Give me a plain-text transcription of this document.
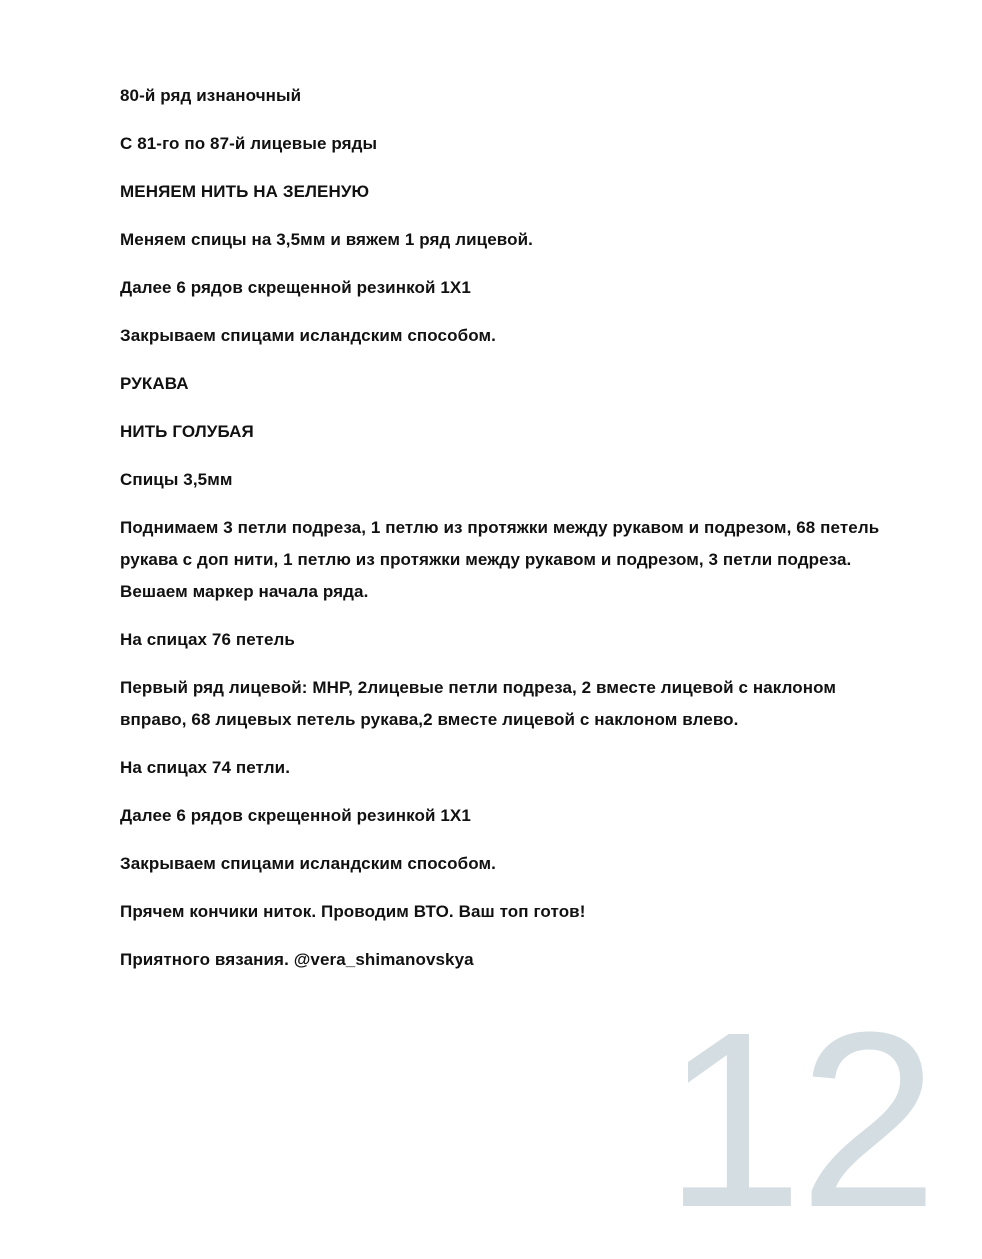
80-й ряд изнаночный

С 81-го по 87-й лицевые ряды

МЕНЯЕМ НИТЬ НА ЗЕЛЕНУЮ

Меняем спицы на 3,5мм и вяжем 1 ряд лицевой.

Далее 6 рядов скрещенной резинкой 1Х1

Закрываем спицами исландским способом.

РУКАВА

НИТЬ ГОЛУБАЯ

Спицы 3,5мм

Поднимаем 3 петли подреза, 1 петлю из протяжки между рукавом и подрезом, 68 петель рукава с доп нити, 1 петлю из протяжки между рукавом и подрезом, 3 петли подреза. Вешаем маркер начала ряда.

На спицах 76 петель

Первый ряд лицевой: МНР, 2лицевые петли подреза, 2 вместе лицевой с наклоном вправо, 68 лицевых петель рукава,2 вместе лицевой с наклоном влево.

На спицах 74 петли.

Далее 6 рядов скрещенной резинкой 1Х1

Закрываем спицами исландским способом.

Прячем кончики ниток. Проводим ВТО. Ваш топ готов!

Приятного вязания. @vera_shimanovskya

12
